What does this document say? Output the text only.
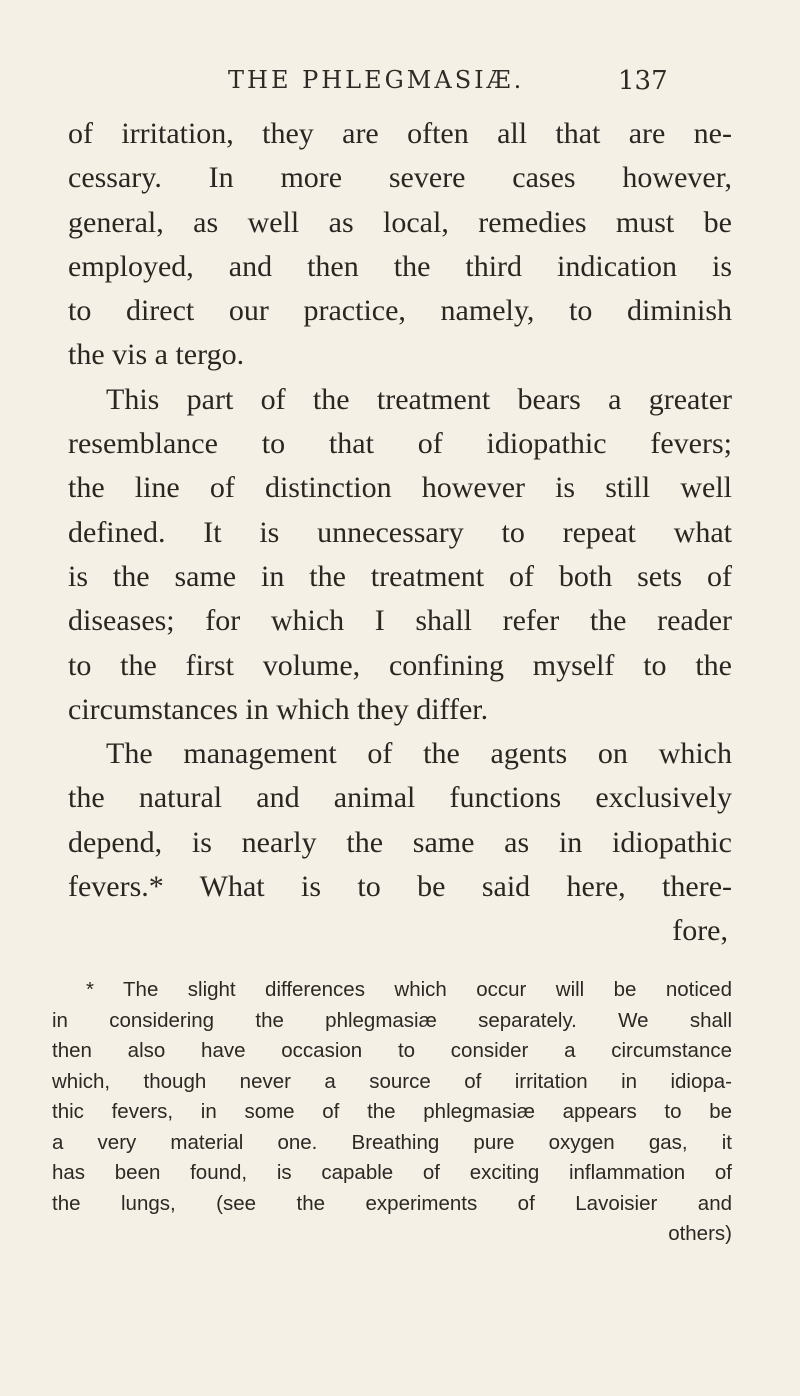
THE PHLEGMASIÆ.	137
of irritation, they are often all that are ne-
cessary. In more severe cases however,
general, as well as local, remedies must be
employed, and then the third indication is
to direct our practice, namely, to diminish
the vis a tergo.
This part of the treatment bears a greater
resemblance to that of idiopathic fevers;
the line of distinction however is still well
defined. It is unnecessary to repeat what
is the same in the treatment of both sets of
diseases; for which I shall refer the reader
to the first volume, confining myself to the
circumstances in which they differ.
The management of the agents on which
the natural and animal functions exclusively
depend, is nearly the same as in idiopathic
fevers.* What is to be said here, there-
fore,
* The slight differences which occur will be noticed
in considering the phlegmasiæ separately. We shall
then also have occasion to consider a circumstance
which, though never a source of irritation in idiopa-
thic fevers, in some of the phlegmasiæ appears to be
a very material one. Breathing pure oxygen gas, it
has been found, is capable of exciting inflammation of
the lungs, (see the experiments of Lavoisier and
others)
